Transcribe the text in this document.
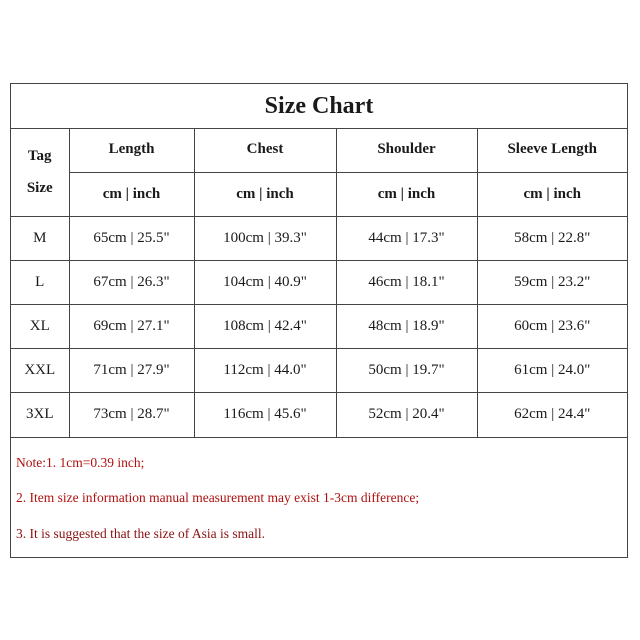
Size Chart
Tag
Size	Length	Chest	Shoulder	Sleeve Length
	cm | inch	cm | inch	cm | inch	cm | inch
M	65cm | 25.5"	100cm | 39.3"	44cm | 17.3"	58cm | 22.8"
L	67cm | 26.3"	104cm | 40.9"	46cm | 18.1"	59cm | 23.2"
XL	69cm | 27.1"	108cm | 42.4"	48cm | 18.9"	60cm | 23.6"
XXL	71cm | 27.9"	112cm | 44.0"	50cm | 19.7"	61cm | 24.0"
3XL	73cm | 28.7"	116cm | 45.6"	52cm | 20.4"	62cm | 24.4"
Note:1. 1cm=0.39 inch;
2. Item size information manual measurement may exist 1-3cm difference;
3. It is suggested that the size of Asia is small.
